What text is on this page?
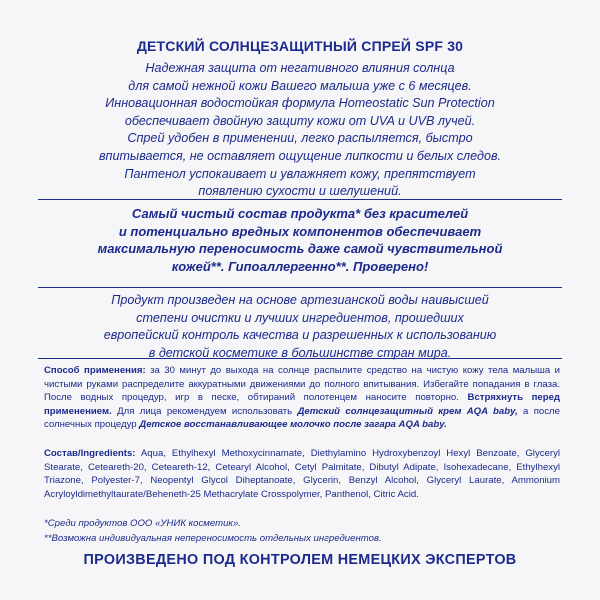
ДЕТСКИЙ СОЛНЦЕЗАЩИТНЫЙ СПРЕЙ SPF 30
Надежная защита от негативного влияния солнца
для самой нежной кожи Вашего малыша уже с 6 месяцев.
Инновационная водостойкая формула Homeostatic Sun Protection
обеспечивает двойную защиту кожи от UVA и UVB лучей.
Спрей удобен в применении, легко распыляется, быстро
впитывается, не оставляет ощущение липкости и белых следов.
Пантенол успокаивает и увлажняет кожу, препятствует
появлению сухости и шелушений.
Самый чистый состав продукта* без красителей
и потенциально вредных компонентов обеспечивает
максимальную переносимость даже самой чувствительной
кожей**. Гипоаллергенно**. Проверено!
Продукт произведен на основе артезианской воды наивысшей
степени очистки и лучших ингредиентов, прошедших
европейский контроль качества и разрешенных к использованию
в детской косметике в большинстве стран мира.
Способ применения: за 30 минут до выхода на солнце распылите средство на чистую кожу тела малыша и чистыми руками распределите аккуратными движениями до полного впитывания. Избегайте попадания в глаза. После водных процедур, игр в песке, обтираний полотенцем наносите повторно. Встряхнуть перед применением. Для лица рекомендуем использовать Детский солнцезащитный крем AQA baby, а после солнечных процедур Детское восстанавливающее молочко после загара AQA baby.
Состав/Ingredients: Aqua, Ethylhexyl Methoxycinnamate, Diethylamino Hydroxybenzoyl Hexyl Benzoate, Glyceryl Stearate, Ceteareth-20, Ceteareth-12, Cetearyl Alcohol, Cetyl Palmitate, Dibutyl Adipate, Isohexadecane, Ethylhexyl Triazone, Polyester-7, Neopentyl Glycol Diheptanoate, Glycerin, Benzyl Alcohol, Glyceryl Laurate, Ammonium Acryloyldimethyltaurate/Beheneth-25 Methacrylate Crosspolymer, Panthenol, Citric Acid.
*Среди продуктов ООО «УНИК косметик».
**Возможна индивидуальная непереносимость отдельных ингредиентов.
ПРОИЗВЕДЕНО ПОД КОНТРОЛЕМ НЕМЕЦКИХ ЭКСПЕРТОВ
